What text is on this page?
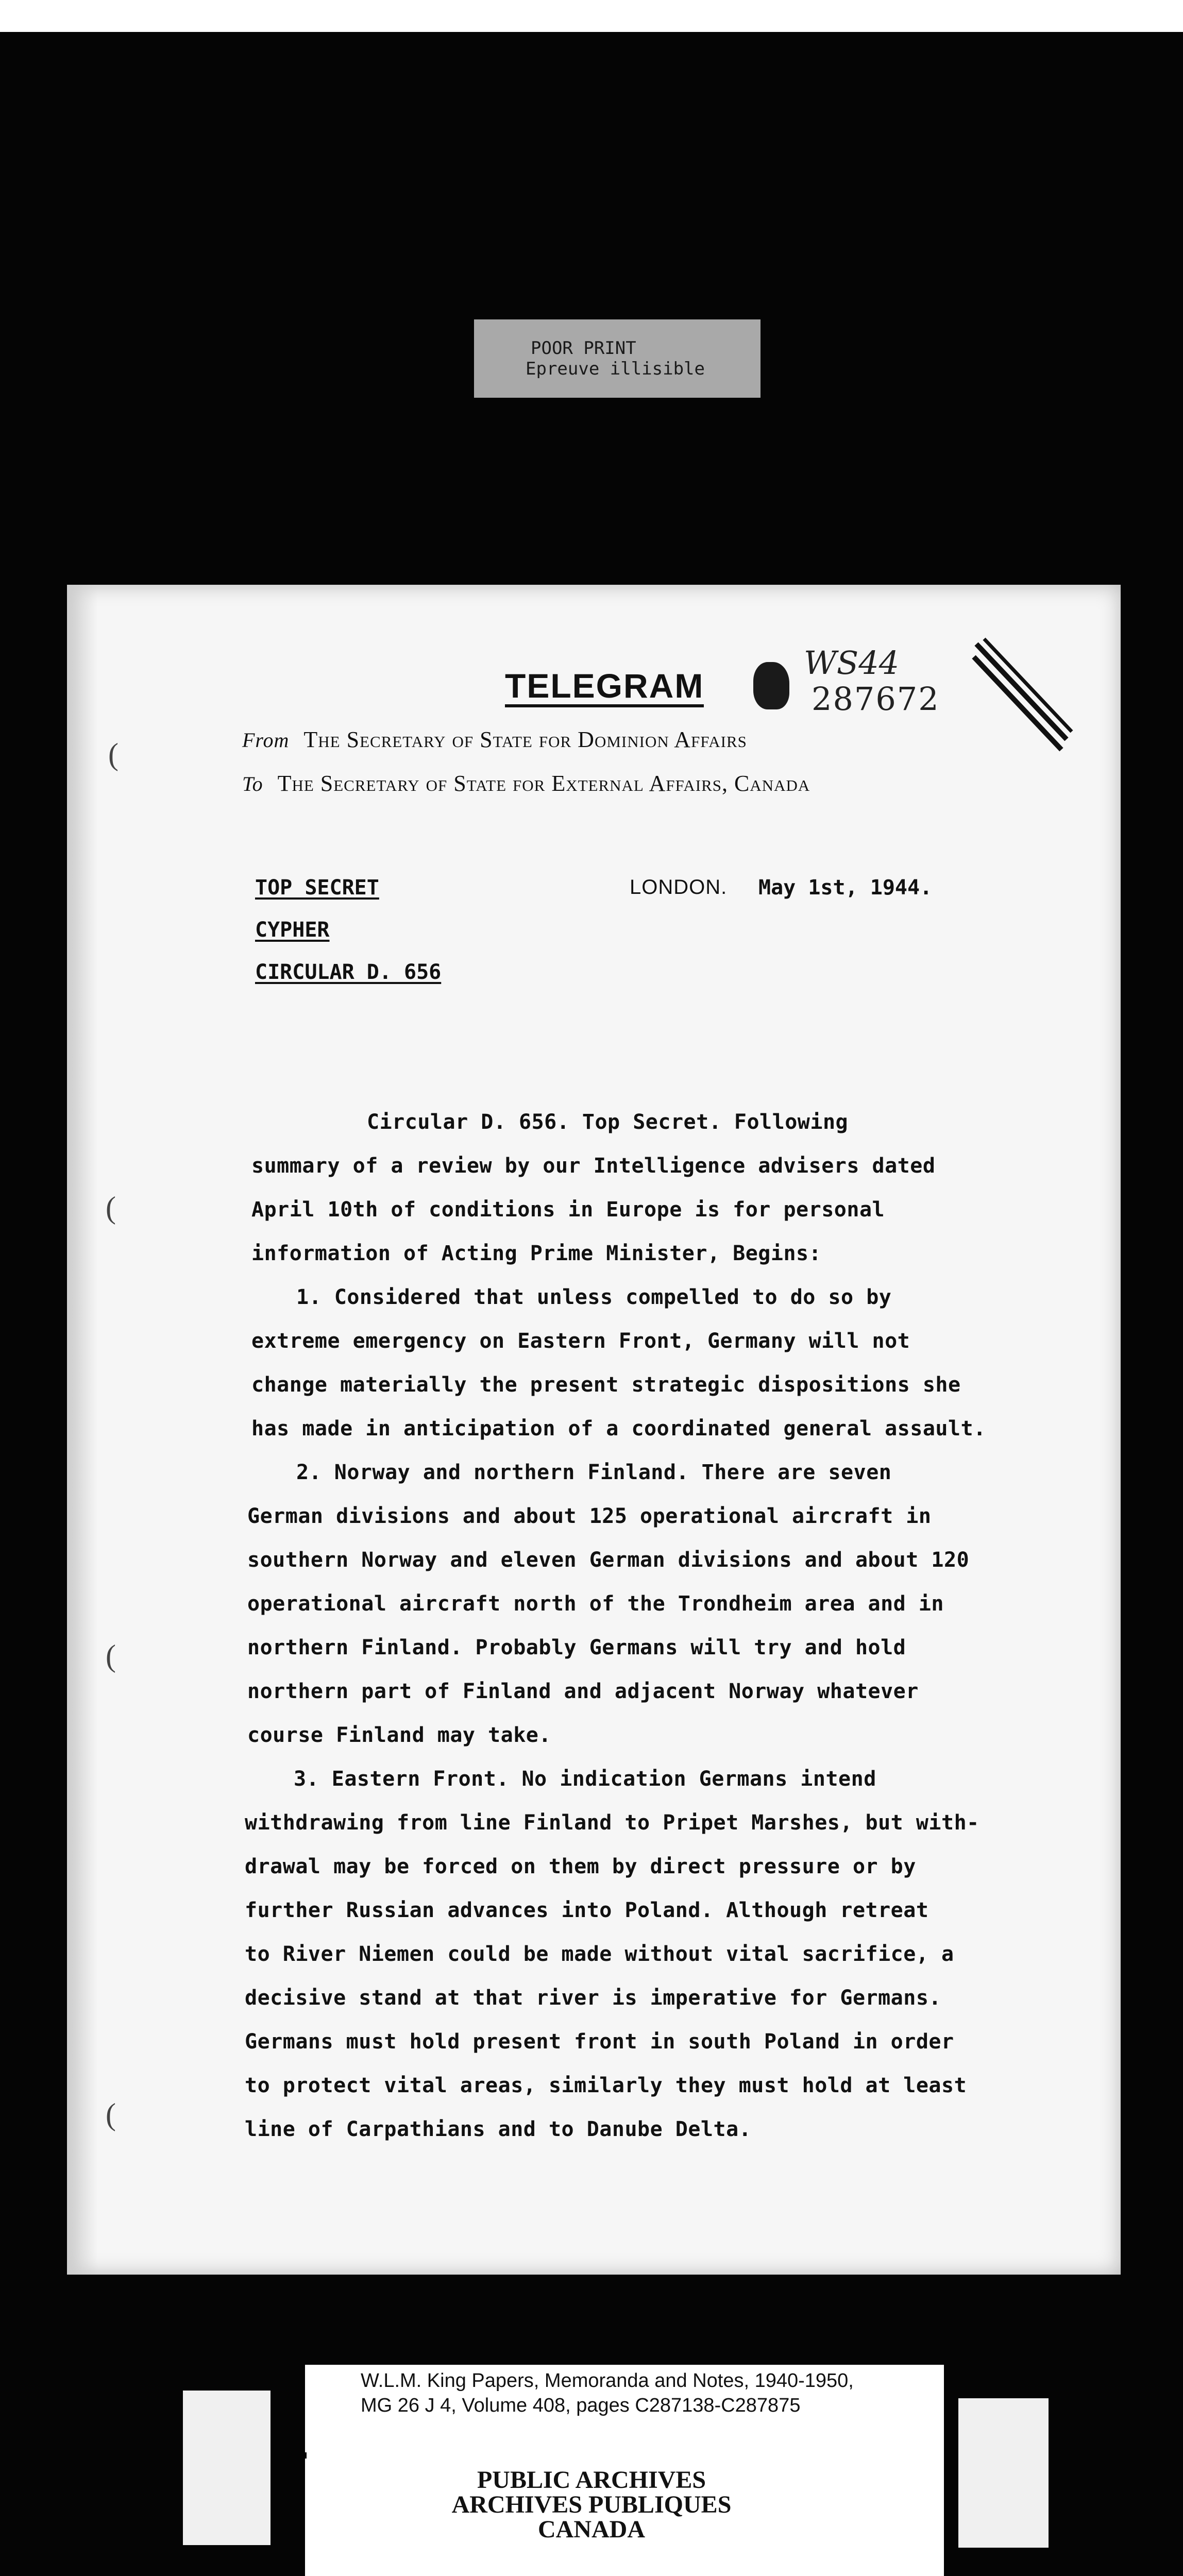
POOR PRINT
Epreuve illisible
TELEGRAM
WS44
287672
From The Secretary of State for Dominion Affairs
To The Secretary of State for External Affairs, Canada
TOP SECRET
CYPHER
CIRCULAR D. 656
LONDON. May 1st, 1944.
(
(
(
(
Circular D. 656. Top Secret. Following
summary of a review by our Intelligence advisers dated
April 10th of conditions in Europe is for personal
information of Acting Prime Minister, Begins:
1. Considered that unless compelled to do so by
extreme emergency on Eastern Front, Germany will not
change materially the present strategic dispositions she
has made in anticipation of a coordinated general assault.
2. Norway and northern Finland. There are seven
German divisions and about 125 operational aircraft in
southern Norway and eleven German divisions and about 120
operational aircraft north of the Trondheim area and in
northern Finland. Probably Germans will try and hold
northern part of Finland and adjacent Norway whatever
course Finland may take.
3. Eastern Front. No indication Germans intend
withdrawing from line Finland to Pripet Marshes, but with-
drawal may be forced on them by direct pressure or by
further Russian advances into Poland. Although retreat
to River Niemen could be made without vital sacrifice, a
decisive stand at that river is imperative for Germans.
Germans must hold present front in south Poland in order
to protect vital areas, similarly they must hold at least
line of Carpathians and to Danube Delta.
W.L.M. King Papers, Memoranda and Notes, 1940-1950,
MG 26 J 4, Volume 408, pages C287138-C287875
PUBLIC ARCHIVES
ARCHIVES PUBLIQUES
CANADA
